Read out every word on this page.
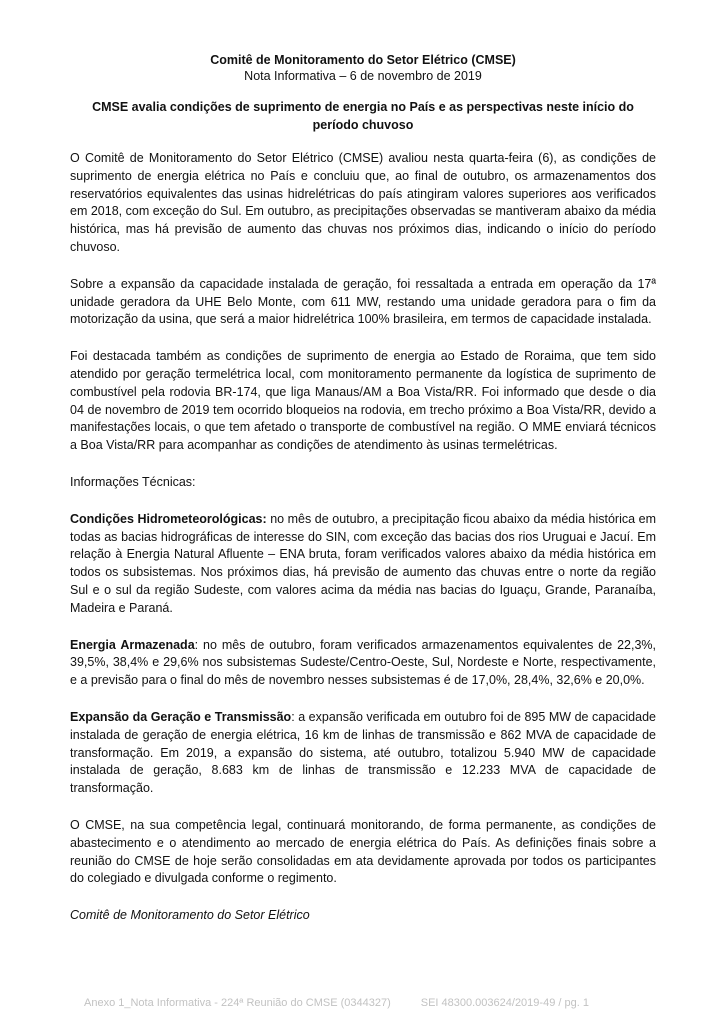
Comitê de Monitoramento do Setor Elétrico (CMSE)

Nota Informativa – 6 de novembro de 2019

CMSE avalia condições de suprimento de energia no País e as perspectivas neste início do período chuvoso

O Comitê de Monitoramento do Setor Elétrico (CMSE) avaliou nesta quarta-feira (6), as condições de suprimento de energia elétrica no País e concluiu que, ao final de outubro, os armazenamentos dos reservatórios equivalentes das usinas hidrelétricas do país atingiram valores superiores aos verificados em 2018, com exceção do Sul. Em outubro, as precipitações observadas se mantiveram abaixo da média histórica, mas há previsão de aumento das chuvas nos próximos dias, indicando o início do período chuvoso.

Sobre a expansão da capacidade instalada de geração, foi ressaltada a entrada em operação da 17ª unidade geradora da UHE Belo Monte, com 611 MW, restando uma unidade geradora para o fim da motorização da usina, que será a maior hidrelétrica 100% brasileira, em termos de capacidade instalada.

Foi destacada também as condições de suprimento de energia ao Estado de Roraima, que tem sido atendido por geração termelétrica local, com monitoramento permanente da logística de suprimento de combustível pela rodovia BR-174, que liga Manaus/AM a Boa Vista/RR. Foi informado que desde o dia 04 de novembro de 2019 tem ocorrido bloqueios na rodovia, em trecho próximo a Boa Vista/RR, devido a manifestações locais, o que tem afetado o transporte de combustível na região. O MME enviará técnicos a Boa Vista/RR para acompanhar as condições de atendimento às usinas termelétricas.

Informações Técnicas:

Condições Hidrometeorológicas: no mês de outubro, a precipitação ficou abaixo da média histórica em todas as bacias hidrográficas de interesse do SIN, com exceção das bacias dos rios Uruguai e Jacuí. Em relação à Energia Natural Afluente – ENA bruta, foram verificados valores abaixo da média histórica em todos os subsistemas. Nos próximos dias, há previsão de aumento das chuvas entre o norte da região Sul e o sul da região Sudeste, com valores acima da média nas bacias do Iguaçu, Grande, Paranaíba, Madeira e Paraná.

Energia Armazenada: no mês de outubro, foram verificados armazenamentos equivalentes de 22,3%, 39,5%, 38,4% e 29,6% nos subsistemas Sudeste/Centro-Oeste, Sul, Nordeste e Norte, respectivamente, e a previsão para o final do mês de novembro nesses subsistemas é de 17,0%, 28,4%, 32,6% e 20,0%.

Expansão da Geração e Transmissão: a expansão verificada em outubro foi de 895 MW de capacidade instalada de geração de energia elétrica, 16 km de linhas de transmissão e 862 MVA de capacidade de transformação. Em 2019, a expansão do sistema, até outubro, totalizou 5.940 MW de capacidade instalada de geração, 8.683 km de linhas de transmissão e 12.233 MVA de capacidade de transformação.

O CMSE, na sua competência legal, continuará monitorando, de forma permanente, as condições de abastecimento e o atendimento ao mercado de energia elétrica do País. As definições finais sobre a reunião do CMSE de hoje serão consolidadas em ata devidamente aprovada por todos os participantes do colegiado e divulgada conforme o regimento.

Comitê de Monitoramento do Setor Elétrico

Anexo 1_Nota Informativa - 224ª Reunião do CMSE (0344327)	SEI 48300.003624/2019-49 / pg. 1
